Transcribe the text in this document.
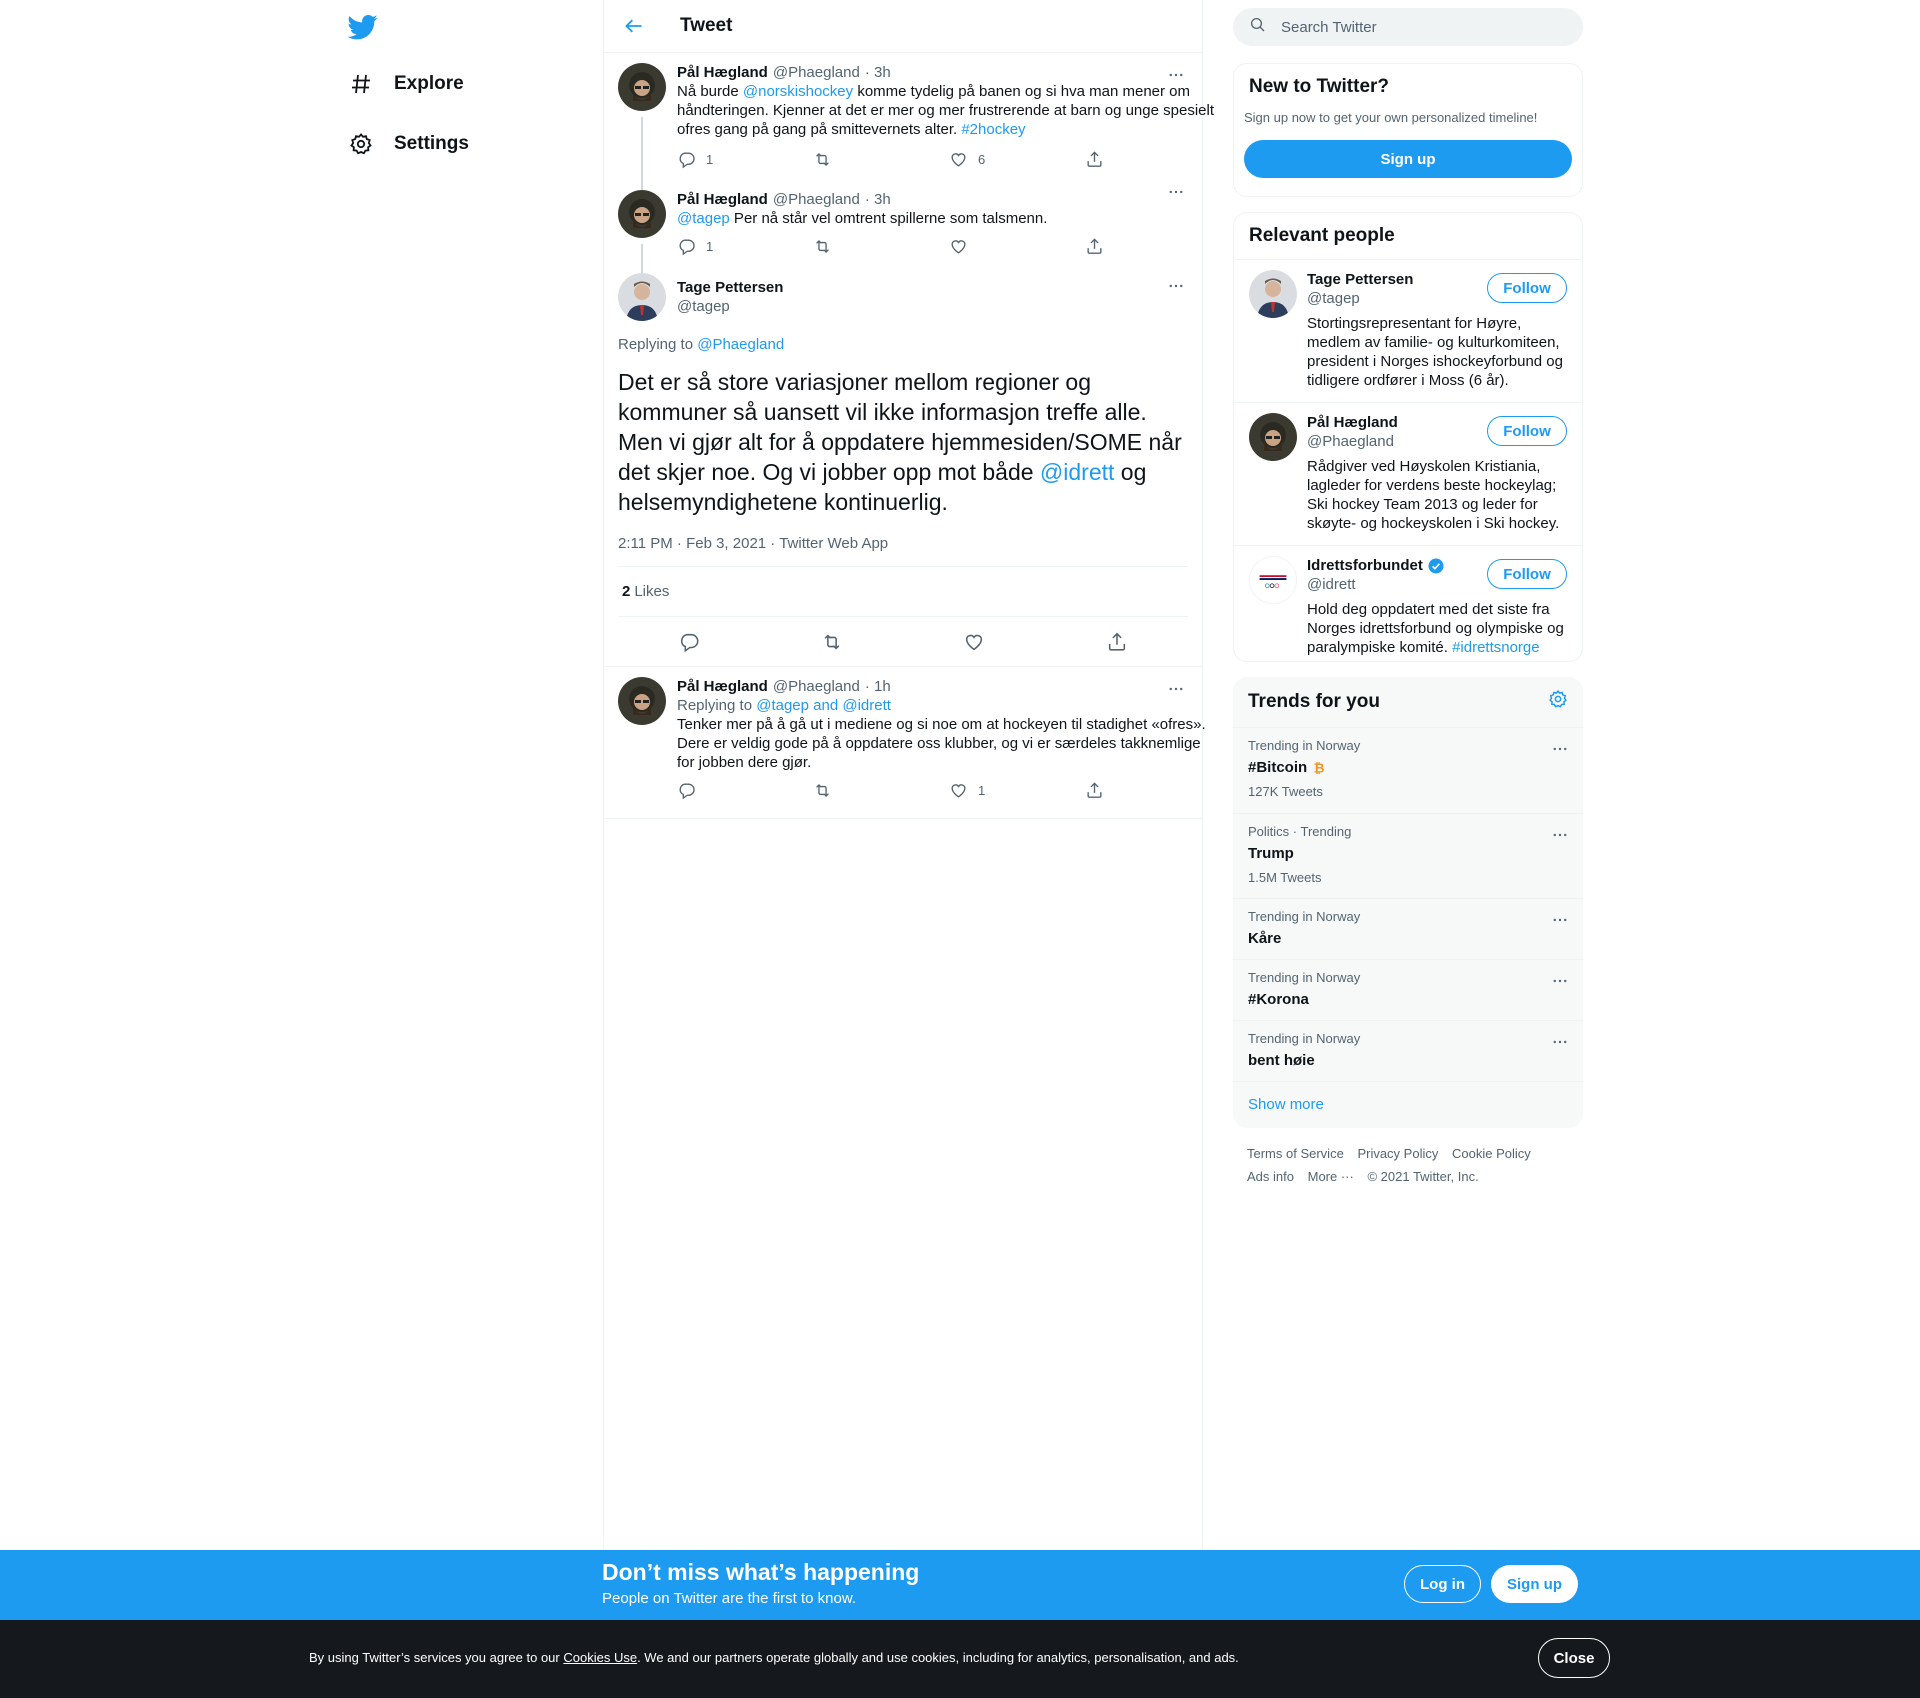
Explore
Settings
Tweet
Pål Hægland @Phaegland · 3h
Nå burde @norskishockey komme tydelig på banen og si hva man mener om håndteringen. Kjenner at det er mer og mer frustrerende at barn og unge spesielt ofres gang på gang på smittevernets alter. #2hockey
1	6
Pål Hægland @Phaegland · 3h
@tagep Per nå står vel omtrent spillerne som talsmenn.
1
Tage Pettersen
@tagep
Replying to @Phaegland
Det er så store variasjoner mellom regioner og kommuner så uansett vil ikke informasjon treffe alle. Men vi gjør alt for å oppdatere hjemmesiden/SOME når det skjer noe. Og vi jobber opp mot både @idrett og helsemyndighetene kontinuerlig.
2:11 PM · Feb 3, 2021 · Twitter Web App
2 Likes
Pål Hægland @Phaegland · 1h
Replying to @tagep and @idrett
Tenker mer på å gå ut i mediene og si noe om at hockeyen til stadighet «ofres». Dere er veldig gode på å oppdatere oss klubber, og vi er særdeles takknemlige for jobben dere gjør.
1
Search Twitter
New to Twitter?
Sign up now to get your own personalized timeline!
Sign up
Relevant people
Tage Pettersen
@tagep
Stortingsrepresentant for Høyre, medlem av familie- og kulturkomiteen, president i Norges ishockeyforbund og tidligere ordfører i Moss (6 år).
Follow
Pål Hægland
@Phaegland
Rådgiver ved Høyskolen Kristiania, lagleder for verdens beste hockeylag; Ski hockey Team 2013 og leder for skøyte- og hockeyskolen i Ski hockey.
Follow
Idrettsforbundet
@idrett
Hold deg oppdatert med det siste fra Norges idrettsforbund og olympiske og paralympiske komité. #idrettsnorge
Follow
Trends for you
Trending in Norway
#Bitcoin ₿
127K Tweets
Politics · Trending
Trump
1.5M Tweets
Trending in Norway
Kåre
Trending in Norway
#Korona
Trending in Norway
bent høie
Show more
Terms of Service Privacy Policy Cookie Policy
Ads info More ··· © 2021 Twitter, Inc.
Don’t miss what’s happening
People on Twitter are the first to know.
Log in	Sign up
By using Twitter’s services you agree to our Cookies Use. We and our partners operate globally and use cookies, including for analytics, personalisation, and ads.	Close
